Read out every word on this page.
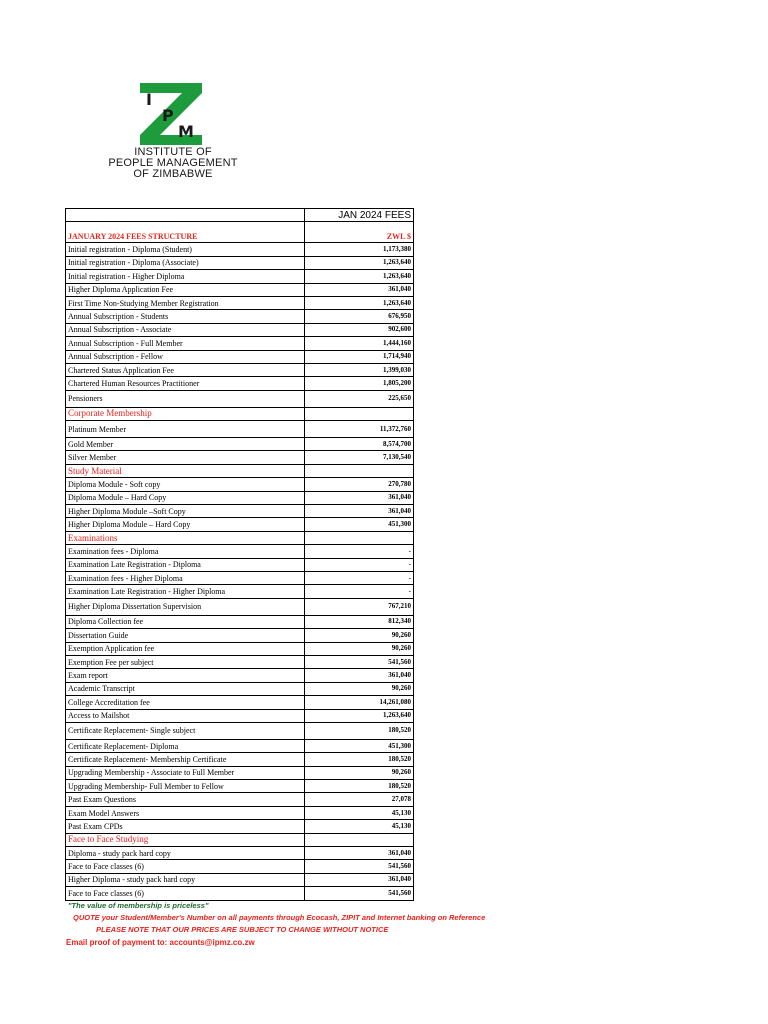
I
P
M
INSTITUTE OF
PEOPLE MANAGEMENT
OF ZIMBABWE
	JAN 2024 FEES
JANUARY 2024 FEES STRUCTURE	ZWL $
Initial registration - Diploma (Student)	1,173,380
Initial registration - Diploma (Associate)	1,263,640
Initial registration - Higher Diploma	1,263,640
Higher Diploma Application Fee	361,040
First Time Non-Studying Member Registration	1,263,640
Annual Subscription - Students	676,950
Annual Subscription - Associate	902,600
Annual Subscription - Full Member	1,444,160
Annual Subscription - Fellow	1,714,940
Chartered Status Application Fee	1,399,030
Chartered Human Resources Practitioner	1,805,200
Pensioners	225,650
Corporate Membership	
Platinum Member	11,372,760
Gold Member	8,574,700
Silver Member	7,130,540
Study Material	
Diploma Module - Soft copy	270,780
Diploma Module – Hard Copy	361,040
Higher Diploma Module –Soft Copy	361,040
Higher Diploma Module – Hard Copy	451,300
Examinations	
Examination fees - Diploma	-
Examination Late Registration - Diploma	-
Examination fees - Higher Diploma	-
Examination Late Registration - Higher Diploma	-
Higher Diploma Dissertation Supervision	767,210
Diploma Collection fee	812,340
Dissertation Guide	90,260
Exemption Application fee	90,260
Exemption Fee per subject	541,560
Exam report	361,040
Academic Transcript	90,260
College Accreditation fee	14,261,080
Access to Mailshot	1,263,640
Certificate Replacement- Single subject	180,520
Certificate Replacement- Diploma	451,300
Certificate Replacement- Membership Certificate	180,520
Upgrading Membership - Associate to Full Member	90,260
Upgrading Membership- Full Member to Fellow	180,520
Past Exam Questions	27,078
Exam Model Answers	45,130
Past Exam CPDs	45,130
Face to Face Studying	
Diploma - study pack hard copy	361,040
Face to Face classes (6)	541,560
Higher Diploma - study pack hard copy	361,040
Face to Face classes (6)	541,560
"The value of membership is priceless"
QUOTE your Student/Member's Number on all payments through Ecocash, ZIPIT and Internet banking on Reference
PLEASE NOTE THAT OUR PRICES ARE SUBJECT TO CHANGE WITHOUT NOTICE
Email proof of payment to: accounts@ipmz.co.zw
